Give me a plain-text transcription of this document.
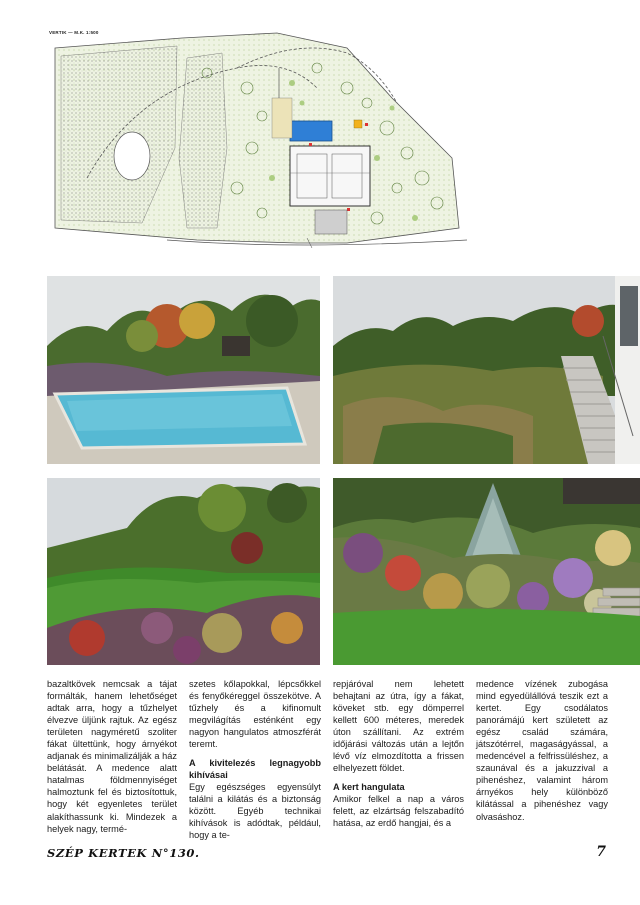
VERTIK — M.K. 1:500

bazaltkövek nemcsak a tájat formálták, hanem lehetőséget adtak arra, hogy a tűzhelyet élvezve üljünk rajtuk. Az egész területen nagyméretű szoliter fákat ültettünk, hogy árnyékot adjanak és minimalizálják a ház belátását. A medence alatt hatalmas földmennyiséget halmoztunk fel és biztosítottuk, hogy két egyenletes terület alakíthassunk ki. Mindezek a helyek nagy, termé-

szetes kőlapokkal, lépcsőkkel és fenyőkéreggel összekötve. A tűzhely és a kifinomult megvilágítás esténként egy nagyon hangulatos atmoszférát teremt.

A kivitelezés legnagyobb kihívásai

Egy egészséges egyensúlyt találni a kilátás és a biztonság között. Egyéb technikai kihívások is adódtak, például, hogy a te-

repjáróval nem lehetett behajtani az útra, így a fákat, köveket stb. egy dömperrel kellett 600 méteres, meredek úton szállítani. Az extrém időjárási változás után a lejtőn lévő víz elmozdította a frissen elhelyezett földet.

A kert hangulata

Amikor felkel a nap a város felett, az elzártság felszabadító hatása, az erdő hangjai, és a

medence vízének zubogása mind egyedülállóvá teszik ezt a kertet. Egy csodálatos panorámájú kert született az egész család számára, játszótérrel, magaságyással, a medencével a felfrissüléshez, a szaunával és a jakuzzival a pihenéshez, valamint három árnyékos hely különböző kilátással a pihenéshez vagy olvasáshoz.

SZÉP KERTEK N°130.	7
